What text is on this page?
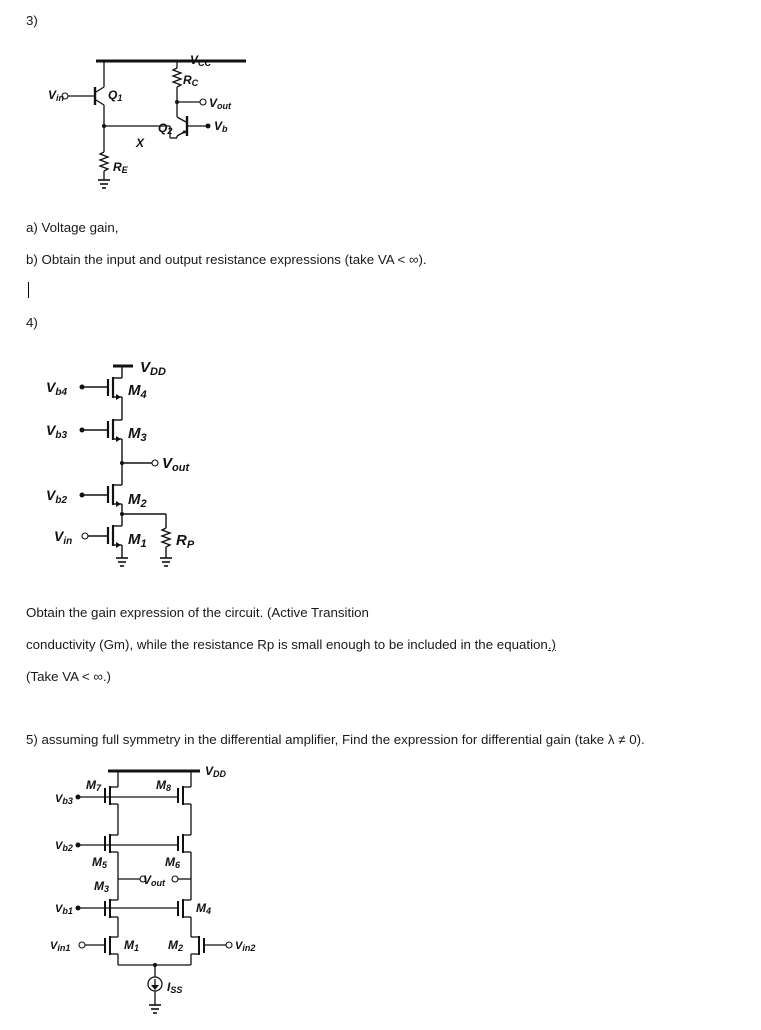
3)
VCC
RC
Vout
Vb
Vin	Q1
Q2
X
RE
a) Voltage gain,
b) Obtain the input and output resistance expressions (take VA < ∞).
4)
$V_{DD}$
$V_{b4}$	$M_4$
$V_{b3}$	$M_3$
$V_{out}$
$V_{b2}$	$M_2$
$V_{in}$	$M_1$ $R_P$
Obtain the gain expression of the circuit. (Active Transition
conductivity (Gm), while the resistance Rp is small enough to be included in the equation.)
(Take VA < ∞.)
5) assuming full symmetry in the differential amplifier, Find the expression for differential gain (take λ ≠ 0).
VDD
M7	M8
Vb3
Vb2
M5	M6
M3
Vout
Vb1	M4
Vin1	M1 M2	Vin2
ISS
